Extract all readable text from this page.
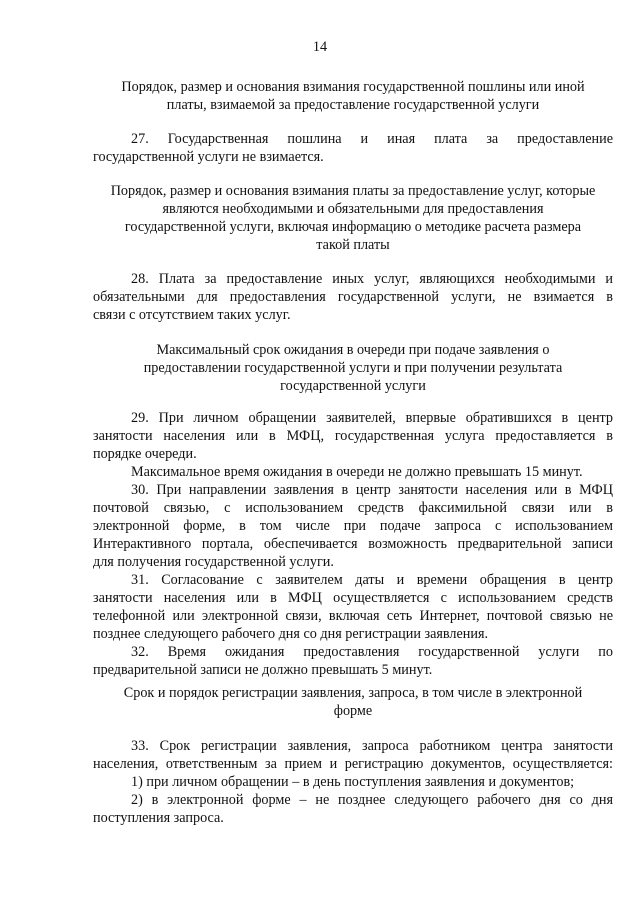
14
Порядок, размер и основания взимания государственной пошлины или иной
платы, взимаемой за предоставление государственной услуги
27. Государственная пошлина и иная плата за предоставление
государственной услуги не взимается.
Порядок, размер и основания взимания платы за предоставление услуг, которые
являются необходимыми и обязательными для предоставления
государственной услуги, включая информацию о методике расчета размера
такой платы
28. Плата за предоставление иных услуг, являющихся необходимыми и
обязательными для предоставления государственной услуги, не взимается в
связи с отсутствием таких услуг.
Максимальный срок ожидания в очереди при подаче заявления о
предоставлении государственной услуги и при получении результата
государственной услуги
29. При личном обращении заявителей, впервые обратившихся в центр
занятости населения или в МФЦ, государственная услуга предоставляется в
порядке очереди.
Максимальное время ожидания в очереди не должно превышать 15 минут.
30. При направлении заявления в центр занятости населения или в МФЦ
почтовой связью, с использованием средств факсимильной связи или в
электронной форме, в том числе при подаче запроса с использованием
Интерактивного портала, обеспечивается возможность предварительной записи
для получения государственной услуги.
31. Согласование с заявителем даты и времени обращения в центр
занятости населения или в МФЦ осуществляется с использованием средств
телефонной или электронной связи, включая сеть Интернет, почтовой связью не
позднее следующего рабочего дня со дня регистрации заявления.
32. Время ожидания предоставления государственной услуги по
предварительной записи не должно превышать 5 минут.
Срок и порядок регистрации заявления, запроса, в том числе в электронной
форме
33. Срок регистрации заявления, запроса работником центра занятости
населения, ответственным за прием и регистрацию документов, осуществляется:
1) при личном обращении – в день поступления заявления и документов;
2) в электронной форме – не позднее следующего рабочего дня со дня
поступления запроса.
